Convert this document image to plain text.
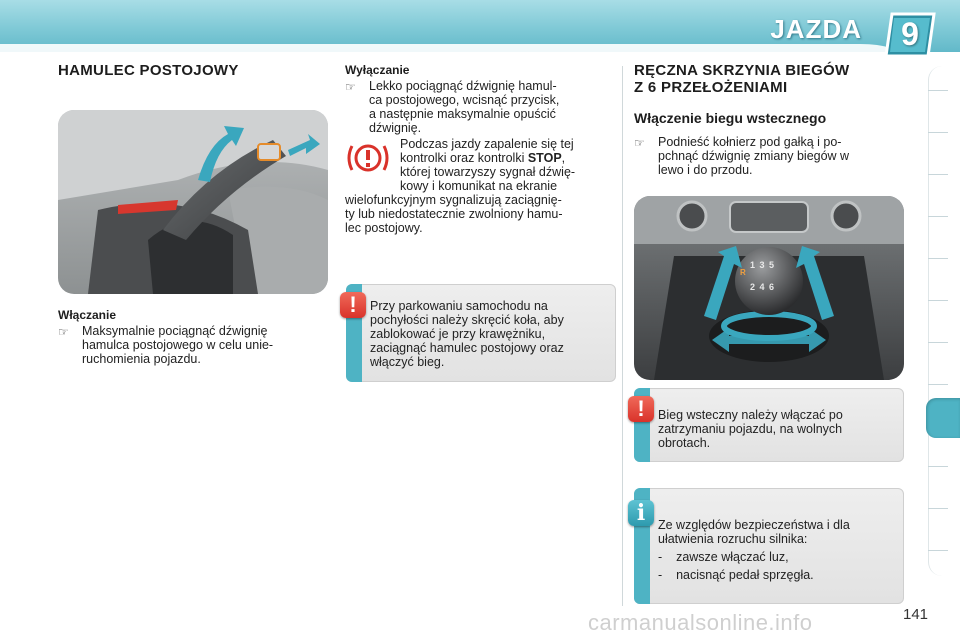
JAZDA	9
HAMULEC POSTOJOWY
Włączanie
☞ Maksymalnie pociągnąć dźwignię
hamulca postojowego w celu unie-
ruchomienia pojazdu.
Wyłączanie
☞ Lekko pociągnąć dźwignię hamul-
ca postojowego, wcisnąć przycisk,
a następnie maksymalnie opuścić
dźwignię.
Podczas jazdy zapalenie się tej
kontrolki oraz kontrolki STOP,
której towarzyszy sygnał dźwię-
kowy i komunikat na ekranie
wielofunkcyjnym sygnalizują zaciągnię-
ty lub niedostatecznie zwolniony hamu-
lec postojowy.
!	Przy parkowaniu samochodu na
pochyłości należy skręcić koła, aby
zablokować je przy krawężniku,
zaciągnąć hamulec postojowy oraz
włączyć bieg.
RĘCZNA SKRZYNIA BIEGÓW
Z 6 PRZEŁOŻENIAMI
Włączenie biegu wstecznego
☞ Podnieść kołnierz pod gałką i po-
pchnąć dźwignię zmiany biegów w
lewo i do przodu.
1 3 5
2 4 6
R
!	Bieg wsteczny należy włączać po
zatrzymaniu pojazdu, na wolnych
obrotach.
i	Ze względów bezpieczeństwa i dla
ułatwienia rozruchu silnika:
-    zawsze włączać luz,
-    nacisnąć pedał sprzęgła.
carmanualsonline.info	141
